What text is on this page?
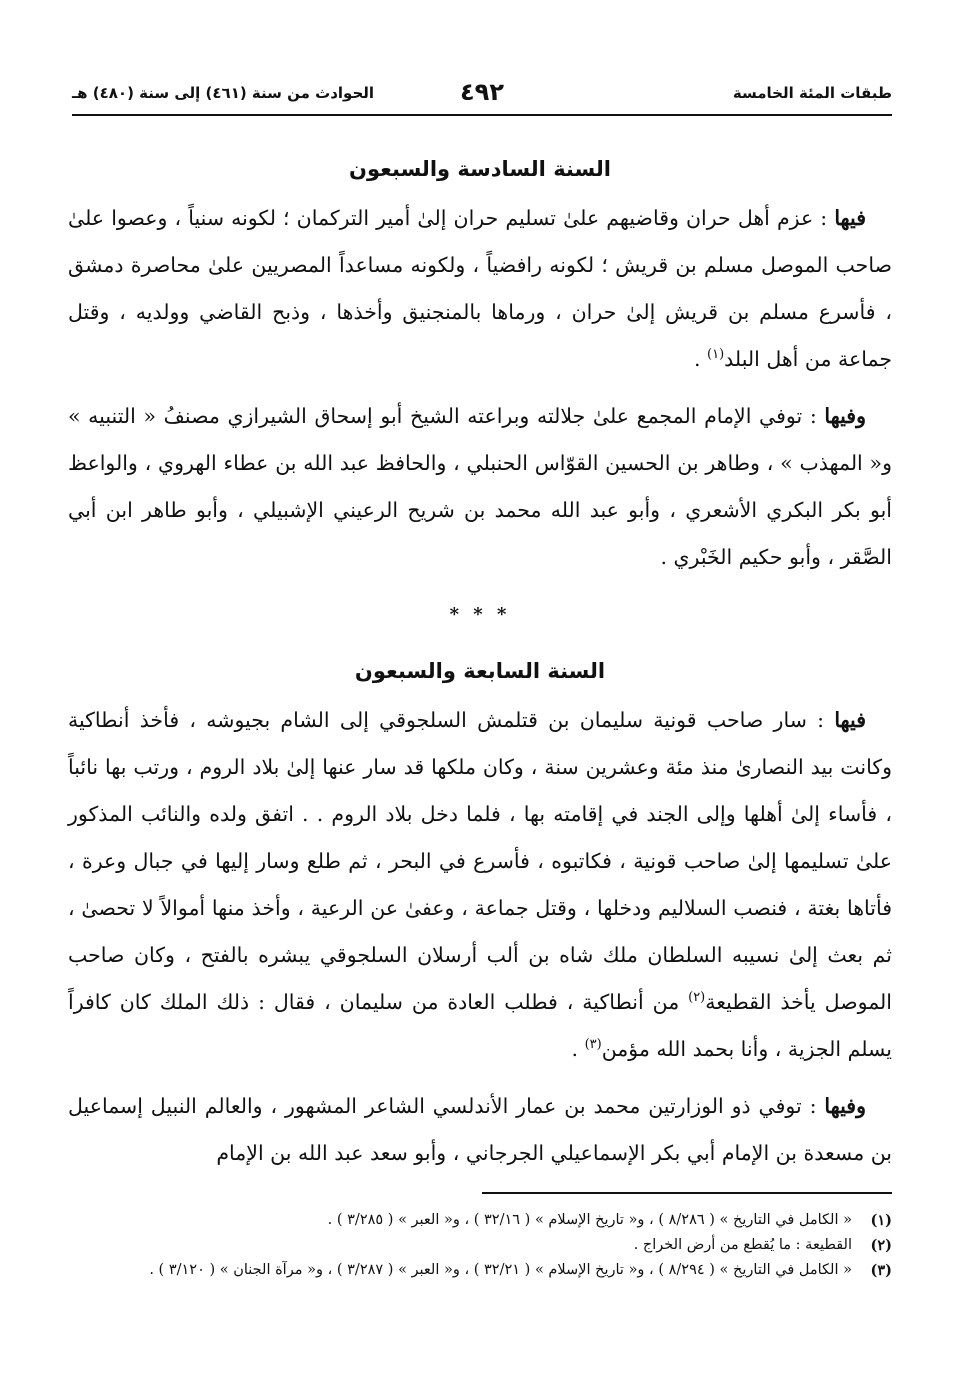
طبقات المئة الخامسة
٤٩٢
الحوادث من سنة (٤٦١) إلى سنة (٤٨٠) هـ
السنة السادسة والسبعون

فيها : عزم أهل حران وقاضيهم علىٰ تسليم حران إلىٰ أمير التركمان ؛ لكونه سنياً ، وعصوا علىٰ صاحب الموصل مسلم بن قريش ؛ لكونه رافضياً ، ولكونه مساعداً المصريين علىٰ محاصرة دمشق ، فأسرع مسلم بن قريش إلىٰ حران ، ورماها بالمنجنيق وأخذها ، وذبح القاضي وولديه ، وقتل جماعة من أهل البلد$^{(١)}$ .

وفيها : توفي الإمام المجمع علىٰ جلالته وبراعته الشيخ أبو إسحاق الشيرازي مصنفُ « التنبيه » و« المهذب » ، وطاهر بن الحسين القوّاس الحنبلي ، والحافظ عبد الله بن عطاء الهروي ، والواعظ أبو بكر البكري الأشعري ، وأبو عبد الله محمد بن شريح الرعيني الإشبيلي ، وأبو طاهر ابن أبي الصَّقر ، وأبو حكيم الخَبْري .

* * *
السنة السابعة والسبعون

فيها : سار صاحب قونية سليمان بن قتلمش السلجوقي إلى الشام بجيوشه ، فأخذ أنطاكية وكانت بيد النصارىٰ منذ مئة وعشرين سنة ، وكان ملكها قد سار عنها إلىٰ بلاد الروم ، ورتب بها نائباً ، فأساء إلىٰ أهلها وإلى الجند في إقامته بها ، فلما دخل بلاد الروم . . اتفق ولده والنائب المذكور علىٰ تسليمها إلىٰ صاحب قونية ، فكاتبوه ، فأسرع في البحر ، ثم طلع وسار إليها في جبال وعرة ، فأتاها بغتة ، فنصب السلاليم ودخلها ، وقتل جماعة ، وعفىٰ عن الرعية ، وأخذ منها أموالاً لا تحصىٰ ، ثم بعث إلىٰ نسيبه السلطان ملك شاه بن ألب أرسلان السلجوقي يبشره بالفتح ، وكان صاحب الموصل يأخذ القطيعة$^{(٢)}$ من أنطاكية ، فطلب العادة من سليمان ، فقال : ذلك الملك كان كافراً يسلم الجزية ، وأنا بحمد الله مؤمن$^{(٣)}$ .

وفيها : توفي ذو الوزارتين محمد بن عمار الأندلسي الشاعر المشهور ، والعالم النبيل إسماعيل بن مسعدة بن الإمام أبي بكر الإسماعيلي الجرجاني ، وأبو سعد عبد الله بن الإمام

(١)
« الكامل في التاريخ » ( ٨/٢٨٦ ) ، و« تاريخ الإسلام » ( ٣٢/١٦ ) ، و« العبر » ( ٣/٢٨٥ ) .
(٢)
القطيعة : ما يُقطع من أرض الخراج .
(٣)
« الكامل في التاريخ » ( ٨/٢٩٤ ) ، و« تاريخ الإسلام » ( ٣٢/٢١ ) ، و« العبر » ( ٣/٢٨٧ ) ، و« مرآة الجنان » ( ٣/١٢٠ ) .
